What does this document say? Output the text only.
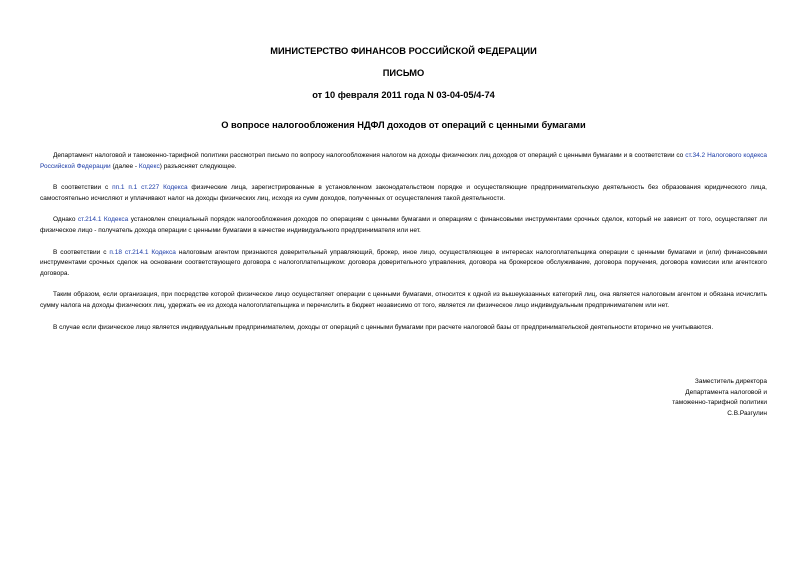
МИНИСТЕРСТВО ФИНАНСОВ РОССИЙСКОЙ ФЕДЕРАЦИИ
ПИСЬМО
от 10 февраля 2011 года N 03-04-05/4-74
О вопросе налогообложения НДФЛ доходов от операций с ценными бумагами

Департамент налоговой и таможенно-тарифной политики рассмотрел письмо по вопросу налогообложения налогом на доходы физических лиц доходов от операций с ценными бумагами и в соответствии со ст.34.2 Налогового кодекса Российской Федерации (далее - Кодекс) разъясняет следующее.

В соответствии с пп.1 п.1 ст.227 Кодекса физические лица, зарегистрированные в установленном законодательством порядке и осуществляющие предпринимательскую деятельность без образования юридического лица, самостоятельно исчисляют и уплачивают налог на доходы физических лиц, исходя из сумм доходов, полученных от осуществления такой деятельности.

Однако ст.214.1 Кодекса установлен специальный порядок налогообложения доходов по операциям с ценными бумагами и операциям с финансовыми инструментами срочных сделок, который не зависит от того, осуществляет ли физическое лицо - получатель дохода операции с ценными бумагами в качестве индивидуального предпринимателя или нет.

В соответствии с п.18 ст.214.1 Кодекса налоговым агентом признаются доверительный управляющий, брокер, иное лицо, осуществляющее в интересах налогоплательщика операции с ценными бумагами и (или) финансовыми инструментами срочных сделок на основании соответствующего договора с налогоплательщиком: договора доверительного управления, договора на брокерское обслуживание, договора поручения, договора комиссии или агентского договора.

Таким образом, если организация, при посредстве которой физическое лицо осуществляет операции с ценными бумагами, относится к одной из вышеуказанных категорий лиц, она является налоговым агентом и обязана исчислить сумму налога на доходы физических лиц, удержать ее из дохода налогоплательщика и перечислить в бюджет независимо от того, является ли физическое лицо индивидуальным предпринимателем или нет.

В случае если физическое лицо является индивидуальным предпринимателем, доходы от операций с ценными бумагами при расчете налоговой базы от предпринимательской деятельности вторично не учитываются.

Заместитель директора
Департамента налоговой и
таможенно-тарифной политики
С.В.Разгулин
